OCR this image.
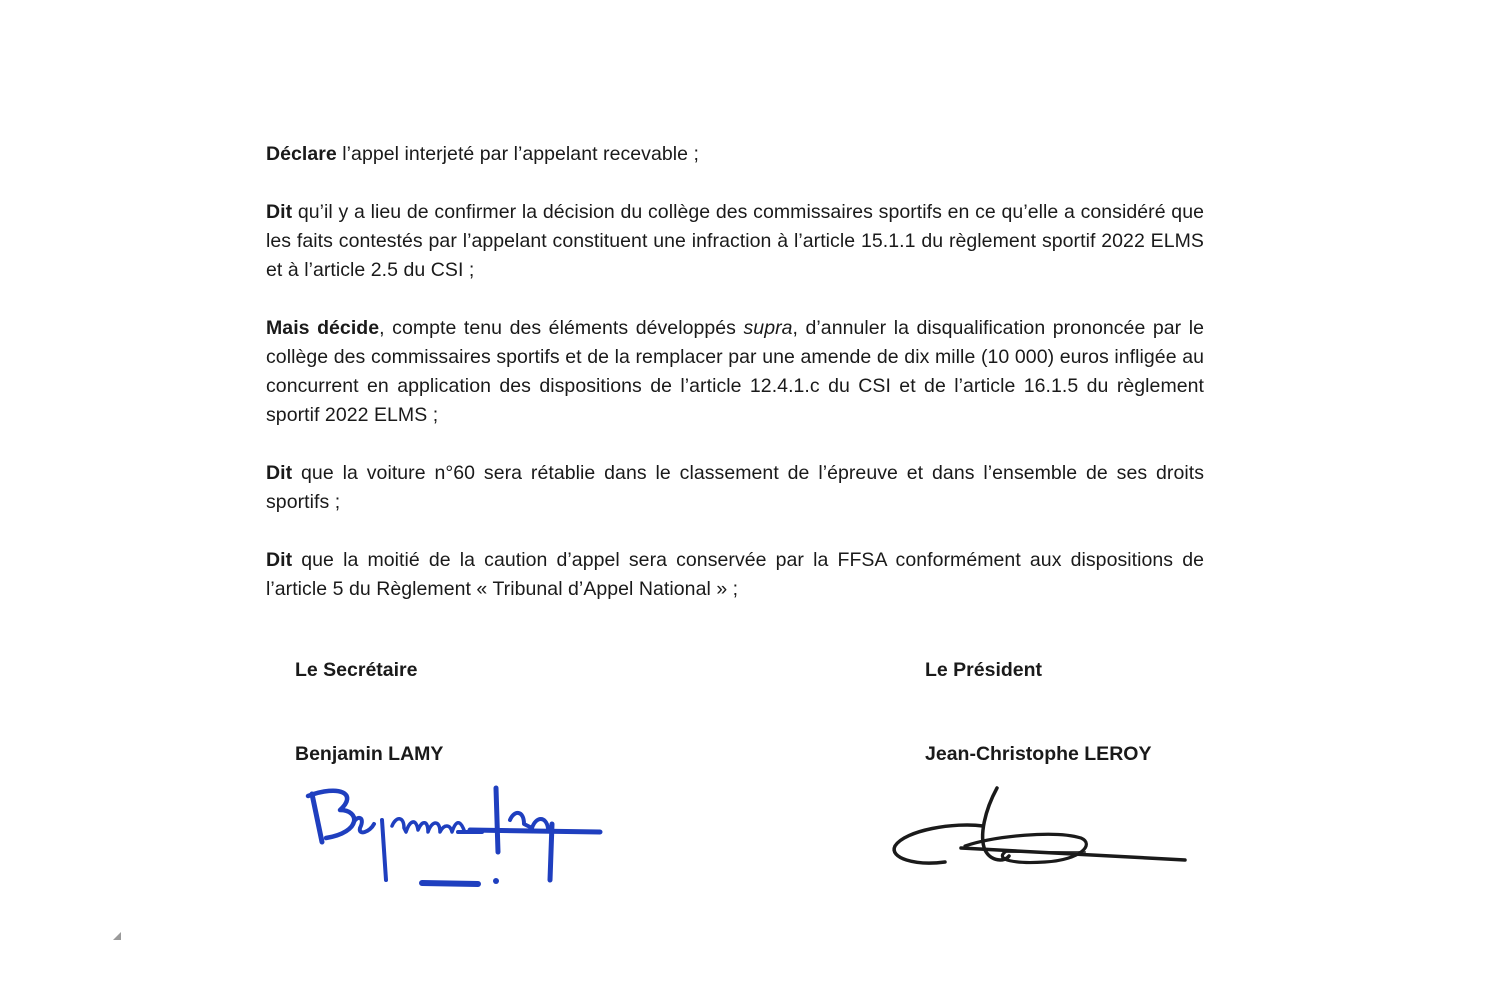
Déclare l’appel interjeté par l’appelant recevable ;

Dit qu’il y a lieu de confirmer la décision du collège des commissaires sportifs en ce qu’elle a considéré que les faits contestés par l’appelant constituent une infraction à l’article 15.1.1 du règlement sportif 2022 ELMS et à l’article 2.5 du CSI ;

Mais décide, compte tenu des éléments développés supra, d’annuler la disqualification prononcée par le collège des commissaires sportifs et de la remplacer par une amende de dix mille (10 000) euros infligée au concurrent en application des dispositions de l’article 12.4.1.c du CSI et de l’article 16.1.5 du règlement sportif 2022 ELMS ;

Dit que la voiture n°60 sera rétablie dans le classement de l’épreuve et dans l’ensemble de ses droits sportifs ;

Dit que la moitié de la caution d’appel sera conservée par la FFSA conformément aux dispositions de l’article 5 du Règlement « Tribunal d’Appel National » ;

Le Secrétaire
Benjamin LAMY
Le Président
Jean-Christophe LEROY
